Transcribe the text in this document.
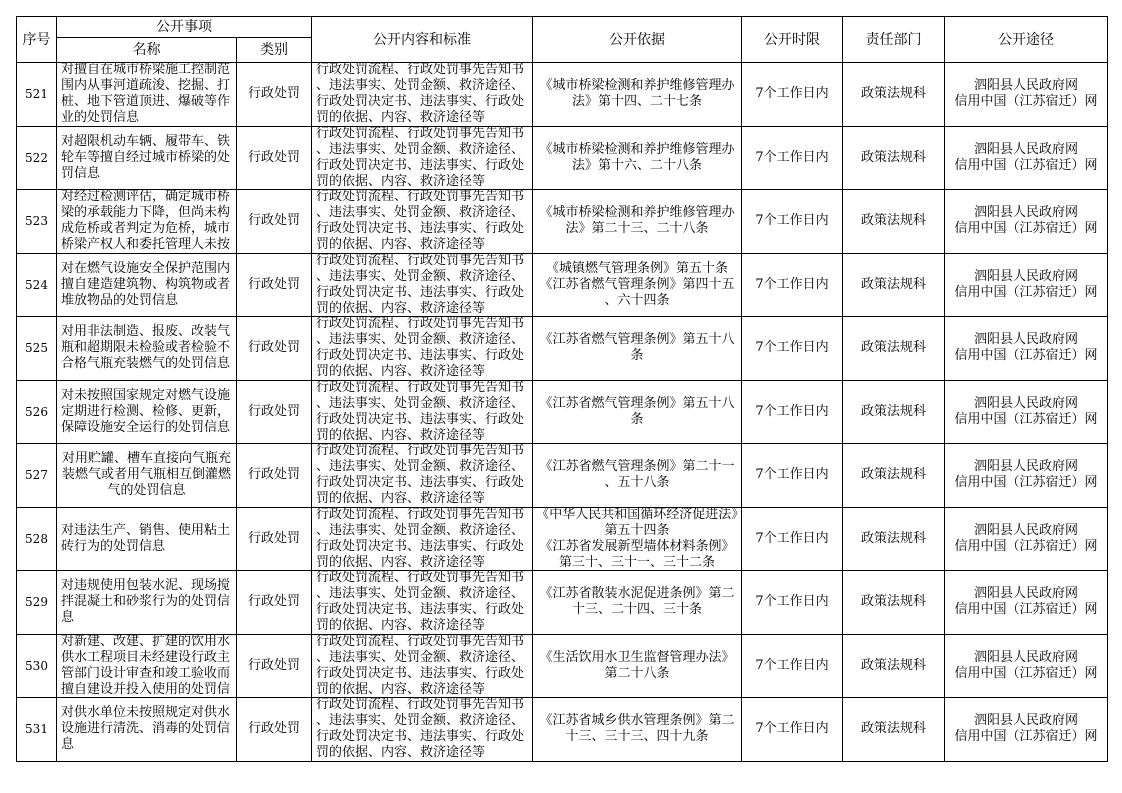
序号	公开事项		公开内容和标准	公开依据	公开时限	责任部门	公开途径
	名称	类别					

521	对擅自在城市桥梁施工控制范围内从事河道疏浚、挖掘、打桩、地下管道顶进、爆破等作业的处罚信息	行政处罚	行政处罚流程、行政处罚事先告知书、违法事实、处罚金额、救济途径、行政处罚决定书、违法事实、行政处罚的依据、内容、救济途径等	《城市桥梁检测和养护维修管理办法》第十四、二十七条	7个工作日内	政策法规科	泗阳县人民政府网
信用中国（江苏宿迁）网

522	对超限机动车辆、履带车、铁轮车等擅自经过城市桥梁的处罚信息	行政处罚	行政处罚流程、行政处罚事先告知书、违法事实、处罚金额、救济途径、行政处罚决定书、违法事实、行政处罚的依据、内容、救济途径等	《城市桥梁检测和养护维修管理办法》第十六、二十八条	7个工作日内	政策法规科	泗阳县人民政府网
信用中国（江苏宿迁）网

523	对经过检测评估，确定城市桥梁的承载能力下降，但尚未构成危桥或者判定为危桥，城市桥梁产权人和委托管理人未按	行政处罚	行政处罚流程、行政处罚事先告知书、违法事实、处罚金额、救济途径、行政处罚决定书、违法事实、行政处罚的依据、内容、救济途径等	《城市桥梁检测和养护维修管理办法》第二十三、二十八条	7个工作日内	政策法规科	泗阳县人民政府网
信用中国（江苏宿迁）网

524	对在燃气设施安全保护范围内擅自建造建筑物、构筑物或者堆放物品的处罚信息	行政处罚	行政处罚流程、行政处罚事先告知书、违法事实、处罚金额、救济途径、行政处罚决定书、违法事实、行政处罚的依据、内容、救济途径等	《城镇燃气管理条例》第五十条
《江苏省燃气管理条例》第四十五、六十四条	7个工作日内	政策法规科	泗阳县人民政府网
信用中国（江苏宿迁）网

525	对用非法制造、报废、改装气瓶和超期限未检验或者检验不合格气瓶充装燃气的处罚信息	行政处罚	行政处罚流程、行政处罚事先告知书、违法事实、处罚金额、救济途径、行政处罚决定书、违法事实、行政处罚的依据、内容、救济途径等	《江苏省燃气管理条例》第五十八条	7个工作日内	政策法规科	泗阳县人民政府网
信用中国（江苏宿迁）网

526	对未按照国家规定对燃气设施定期进行检测、检修、更新，保障设施安全运行的处罚信息	行政处罚	行政处罚流程、行政处罚事先告知书、违法事实、处罚金额、救济途径、行政处罚决定书、违法事实、行政处罚的依据、内容、救济途径等	《江苏省燃气管理条例》第五十八条	7个工作日内	政策法规科	泗阳县人民政府网
信用中国（江苏宿迁）网

527	对用贮罐、槽车直接向气瓶充装燃气或者用气瓶相互倒灌燃气的处罚信息	行政处罚	行政处罚流程、行政处罚事先告知书、违法事实、处罚金额、救济途径、行政处罚决定书、违法事实、行政处罚的依据、内容、救济途径等	《江苏省燃气管理条例》第二十一、五十八条	7个工作日内	政策法规科	泗阳县人民政府网
信用中国（江苏宿迁）网

528	对违法生产、销售、使用粘土砖行为的处罚信息	行政处罚	行政处罚流程、行政处罚事先告知书、违法事实、处罚金额、救济途径、行政处罚决定书、违法事实、行政处罚的依据、内容、救济途径等	《中华人民共和国循环经济促进法》第五十四条
《江苏省发展新型墙体材料条例》第三十、三十一、三十二条	7个工作日内	政策法规科	泗阳县人民政府网
信用中国（江苏宿迁）网

529	对违规使用包装水泥、现场搅拌混凝土和砂浆行为的处罚信息	行政处罚	行政处罚流程、行政处罚事先告知书、违法事实、处罚金额、救济途径、行政处罚决定书、违法事实、行政处罚的依据、内容、救济途径等	《江苏省散装水泥促进条例》第二十三、二十四、三十条	7个工作日内	政策法规科	泗阳县人民政府网
信用中国（江苏宿迁）网

530	对新建、改建、扩建的饮用水供水工程项目未经建设行政主管部门设计审查和竣工验收而擅自建设并投入使用的处罚信	行政处罚	行政处罚流程、行政处罚事先告知书、违法事实、处罚金额、救济途径、行政处罚决定书、违法事实、行政处罚的依据、内容、救济途径等	《生活饮用水卫生监督管理办法》第二十八条	7个工作日内	政策法规科	泗阳县人民政府网
信用中国（江苏宿迁）网

531	对供水单位未按照规定对供水设施进行清洗、消毒的处罚信息	行政处罚	行政处罚流程、行政处罚事先告知书、违法事实、处罚金额、救济途径、行政处罚决定书、违法事实、行政处罚的依据、内容、救济途径等	《江苏省城乡供水管理条例》第二十三、三十三、四十九条	7个工作日内	政策法规科	泗阳县人民政府网
信用中国（江苏宿迁）网
